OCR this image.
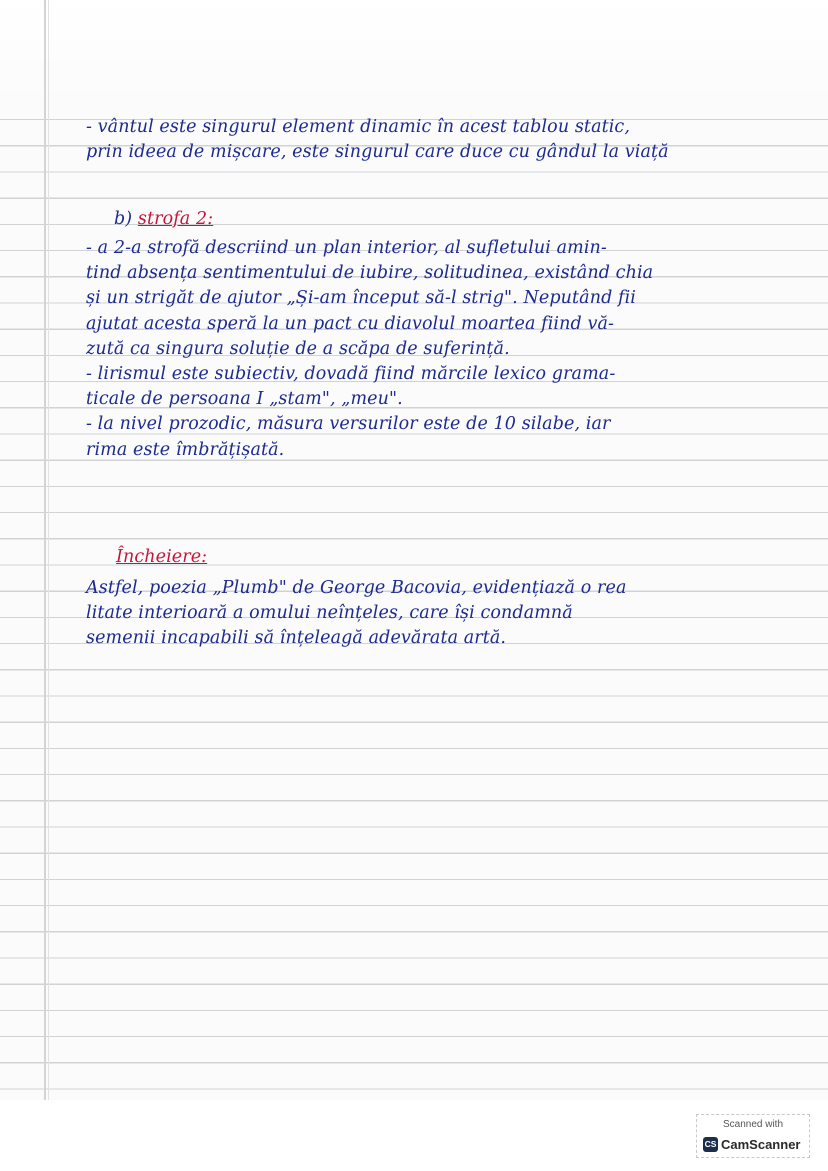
- vântul este singurul element dinamic în acest tablou static,
prin ideea de mișcare, este singurul care duce cu gândul la viață
b) strofa 2:
- a 2-a strofă descriind un plan interior, al sufletului amin-
tind absența sentimentului de iubire, solitudinea, existând chia
și un strigăt de ajutor „Și-am început să-l strig". Neputând fii
ajutat acesta speră la un pact cu diavolul moartea fiind vă-
zută ca singura soluție de a scăpa de suferință.
- lirismul este subiectiv, dovadă fiind mărcile lexico grama-
ticale de persoana I „stam", „meu".
- la nivel prozodic, măsura versurilor este de 10 silabe, iar
rima este îmbrățișată.
Încheiere:
Astfel, poezia „Plumb" de George Bacovia, evidențiază o rea
litate interioară a omului neînțeles, care își condamnă
semenii incapabili să înțeleagă adevărata artă.
Scanned with
CS CamScanner
